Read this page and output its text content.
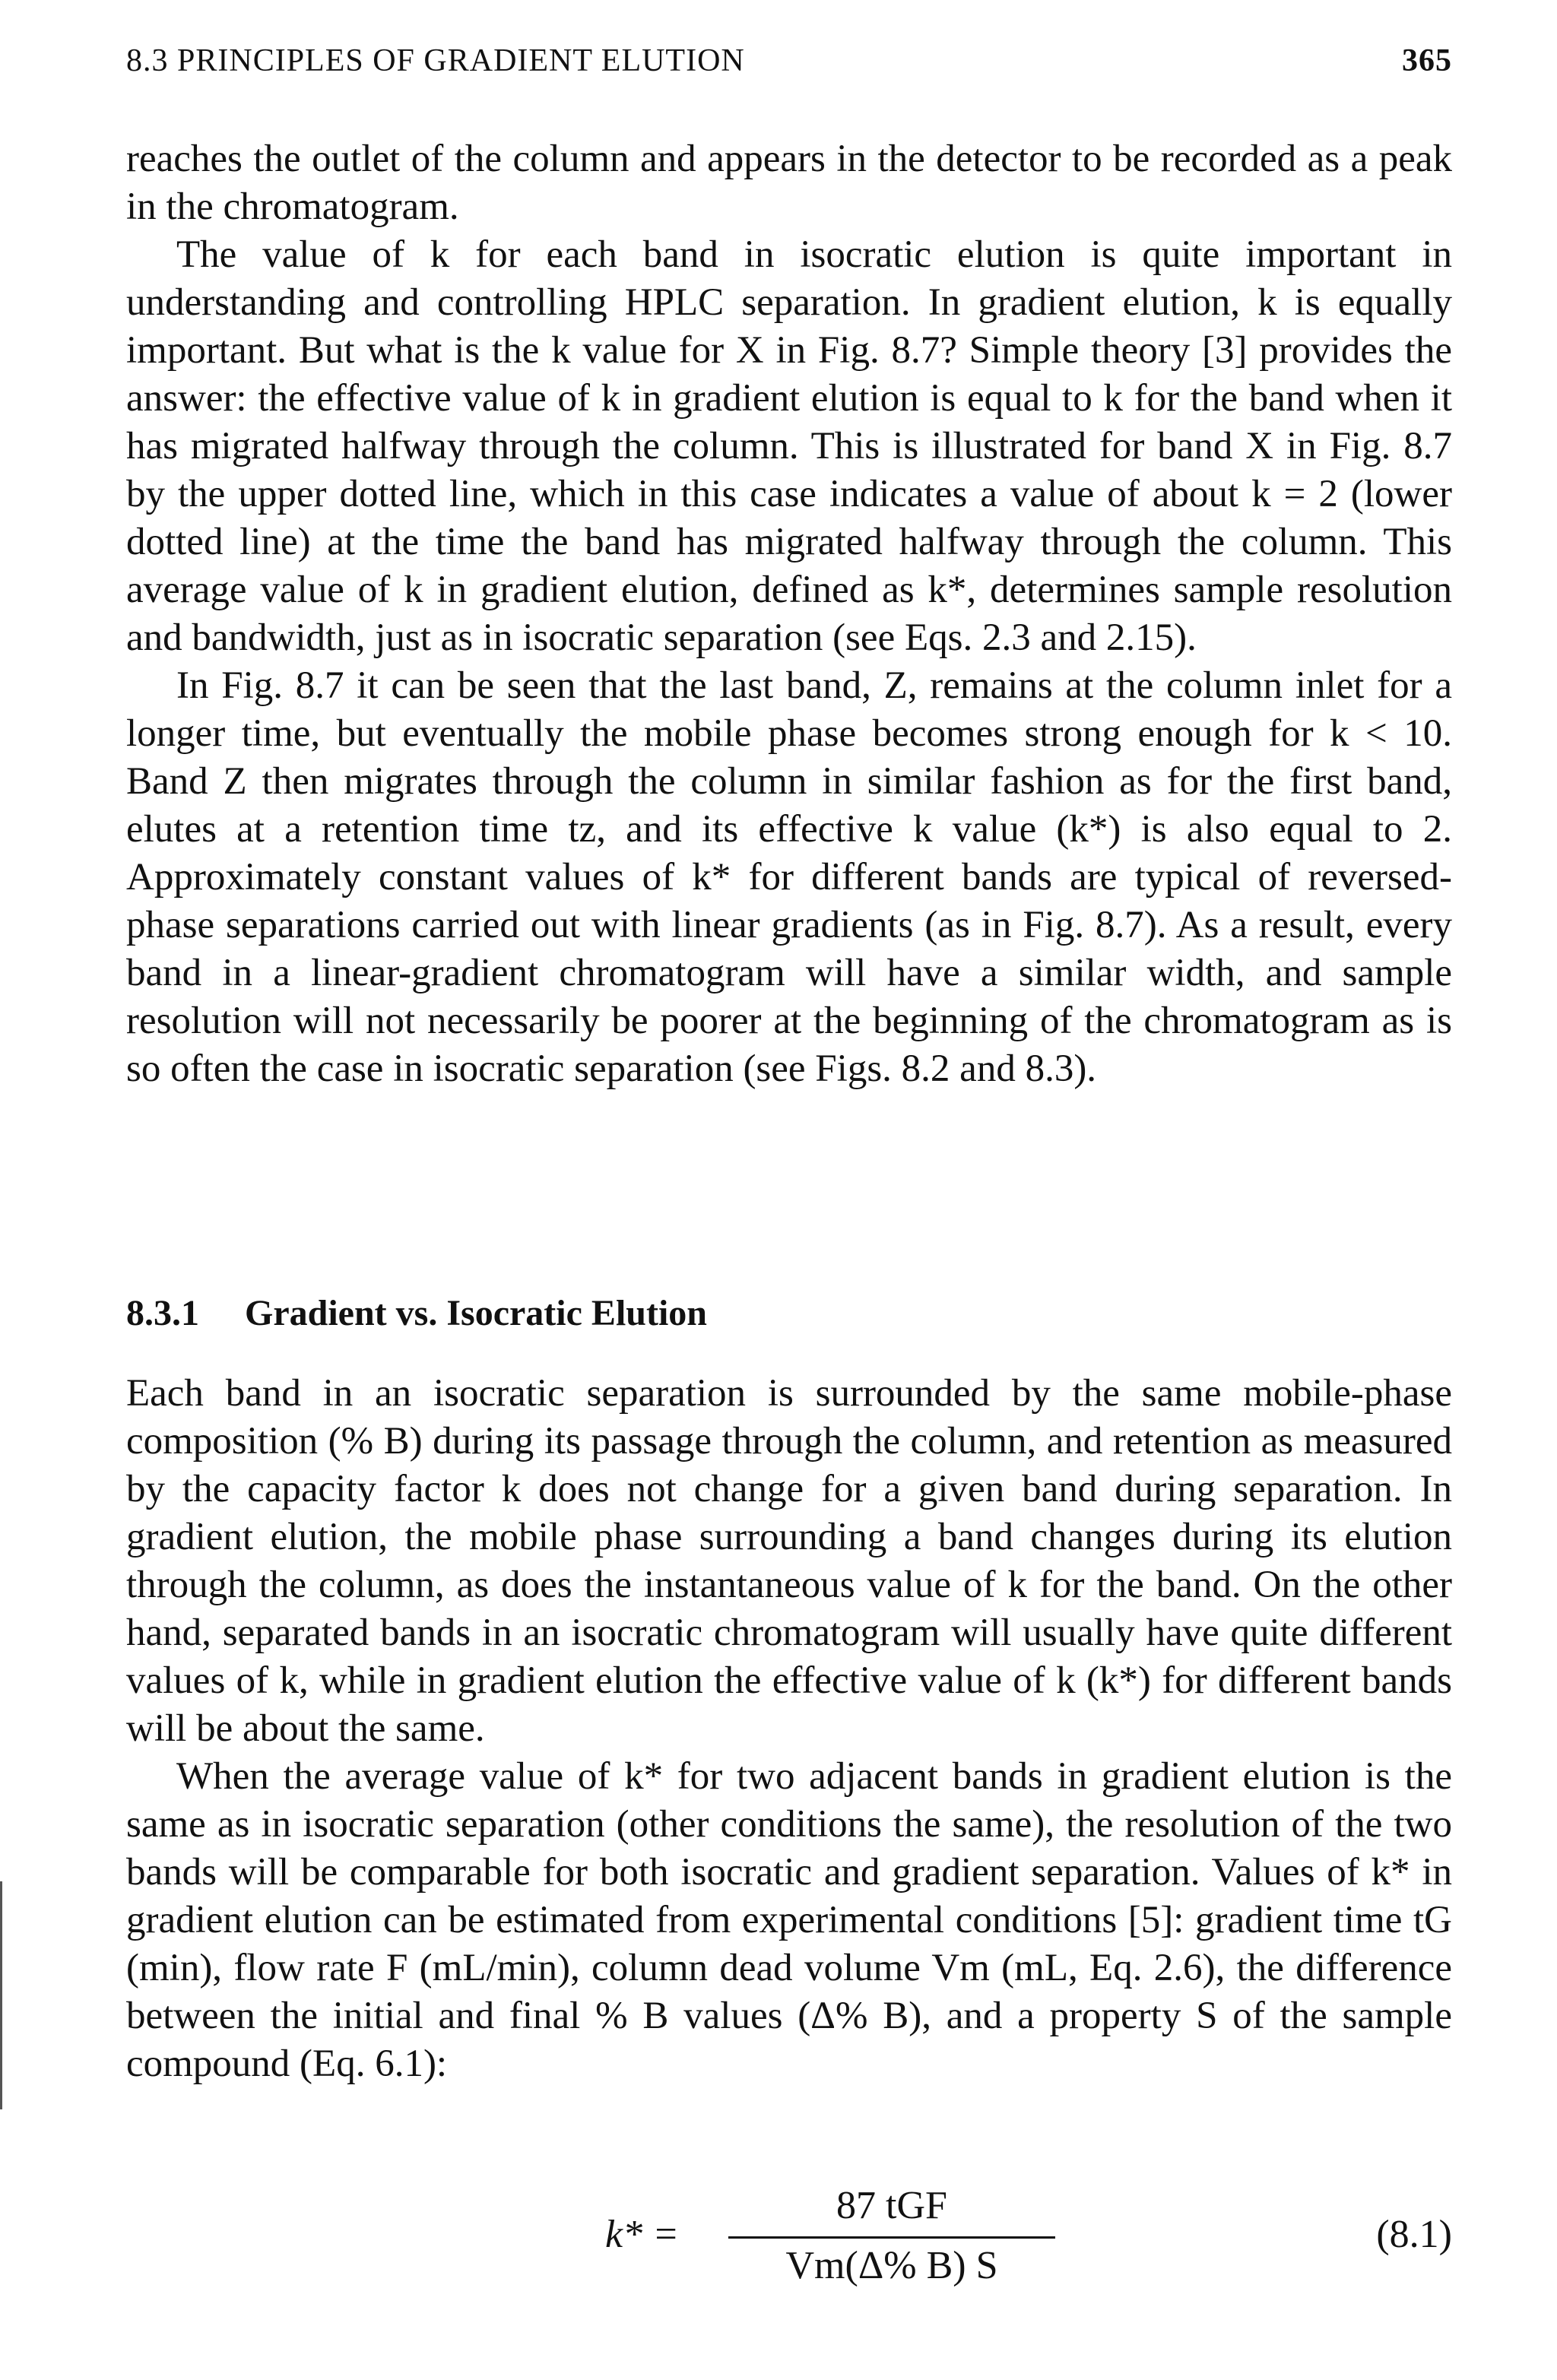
8.3 PRINCIPLES OF GRADIENT ELUTION	365

reaches the outlet of the column and appears in the detector to be recorded as a peak in the chromatogram.

The value of k for each band in isocratic elution is quite important in understanding and controlling HPLC separation. In gradient elution, k is equally important. But what is the k value for X in Fig. 8.7? Simple theory [3] provides the answer: the effective value of k in gradient elution is equal to k for the band when it has migrated halfway through the column. This is illustrated for band X in Fig. 8.7 by the upper dotted line, which in this case indicates a value of about k = 2 (lower dotted line) at the time the band has migrated halfway through the column. This average value of k in gradient elution, defined as k*, determines sample resolution and bandwidth, just as in isocratic separation (see Eqs. 2.3 and 2.15).

In Fig. 8.7 it can be seen that the last band, Z, remains at the column inlet for a longer time, but eventually the mobile phase becomes strong enough for k < 10. Band Z then migrates through the column in similar fashion as for the first band, elutes at a retention time tz, and its effective k value (k*) is also equal to 2. Approximately constant values of k* for different bands are typical of reversed-phase separations carried out with linear gradients (as in Fig. 8.7). As a result, every band in a linear-gradient chromatogram will have a similar width, and sample resolution will not necessarily be poorer at the beginning of the chromatogram as is so often the case in isocratic separation (see Figs. 8.2 and 8.3).

8.3.1 Gradient vs. Isocratic Elution

Each band in an isocratic separation is surrounded by the same mobile-phase composition (% B) during its passage through the column, and retention as measured by the capacity factor k does not change for a given band during separation. In gradient elution, the mobile phase surrounding a band changes during its elution through the column, as does the instantaneous value of k for the band. On the other hand, separated bands in an isocratic chromatogram will usually have quite different values of k, while in gradient elution the effective value of k (k*) for different bands will be about the same.

When the average value of k* for two adjacent bands in gradient elution is the same as in isocratic separation (other conditions the same), the resolution of the two bands will be comparable for both isocratic and gradient separation. Values of k* in gradient elution can be estimated from experimental conditions [5]: gradient time tG (min), flow rate F (mL/min), column dead volume Vm (mL, Eq. 2.6), the difference between the initial and final % B values (Δ% B), and a property S of the sample compound (Eq. 6.1):

k* =
87 tGF
Vm(Δ% B) S
(8.1)
